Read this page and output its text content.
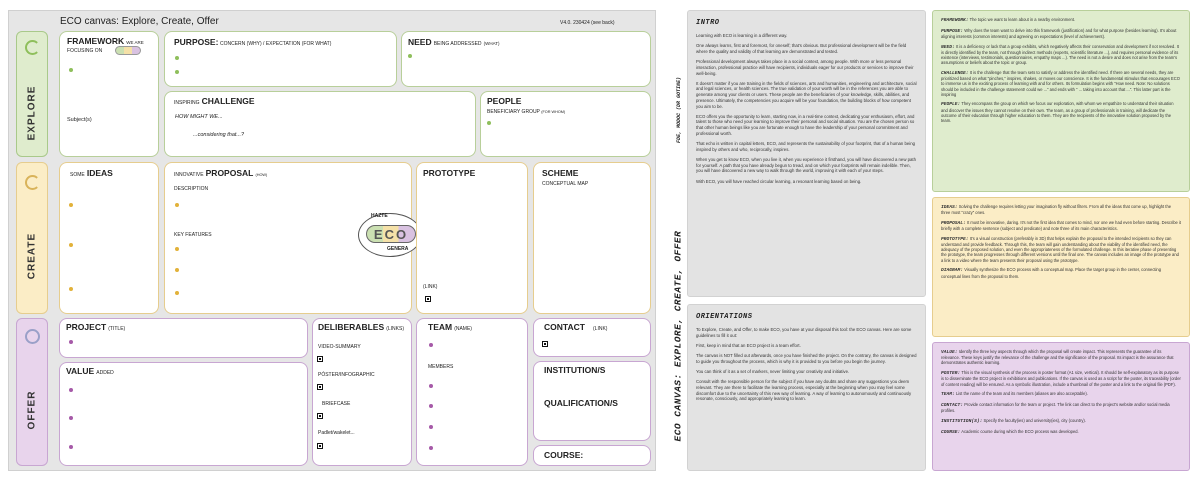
ECO canvas: Explore, Create, Offer	V4.0. 230424 (see back)
EXPLORE
CREATE
OFFER
FRAMEWORK WE ARE
FOCUSING ON
Subject(s)
PURPOSE: CONCERN (WHY) / EXPECTATION (FOR WHAT)	NEED BEING ADDRESSED (WHAT)
INSPIRING CHALLENGE
HOW MIGHT WE...
...considering that...?
PEOPLE
BENEFICIARY GROUP (FOR WHOM)
SOME IDEAS	INNOVATIVE PROPOSAL (HOW)
DESCRIPTION
KEY FEATURES
HAZTE
ECO
GENERA
PROTOTYPE
(LINK)
SCHEME
CONCEPTUAL MAP
PROJECT (TITLE)
VALUE ADDED
DELIBERABLES (LINKS)
VIDEO-SUMMARY
PÓSTER/INFOGRAPHIC
BRIEFCASE
Padlet/wakelet...
TEAM (NAME)
MEMBERS
CONTACT (LINK)
INSTITUTION/S
QUALIFICATION/S
COURSE:
ECO CANVAS: EXPLORE, CREATE, OFFER
FDE, MODOC (DR GOTINE)
INTRO

Learning with ECO is learning in a different way.

One always learns, first and foremost, for oneself; that's obvious. But professional development will be the field where the quality and validity of that learning are demonstrated and tested.

Professional development always takes place in a social context, among people. With more or less personal interaction, professional practice will have recipients, individuals eager for our products or services to improve their well-being.

It doesn't matter if you are training in the fields of sciences, arts and humanities, engineering and architecture, social and legal sciences, or health sciences. The true validation of your worth will be in the references you are able to generate among your clients or users. These people are the beneficiaries of your knowledge, skills, abilities, and presence. Ultimately, the competencies you acquire will be your foundation, the building blocks of how competent you aim to be.

ECO offers you the opportunity to learn, starting now, in a real-time context, dedicating your enthusiasm, effort, and talent to those who need your learning to improve their personal and social situation. You are the chosen person so that other human beings like you are fortunate enough to have the leadership of your personal commitment and professional worth.

That echo is written in capital letters, ECO, and represents the sustainability of your footprint, that of a human being inspired by others and who, reciprocally, inspires.

When you get to know ECO, when you live it, when you experience it firsthand, you will have discovered a new path for yourself. A path that you have already begun to tread, and on which your footprints will remain indelible. Then, you will have discovered a new way to walk through the world, improving it with each of your steps.

With ECO, you will have reached circular learning, a resonant learning based on being.

ORIENTATIONS

To Explore, Create, and Offer, to make ECO, you have at your disposal this tool: the ECO canvas. Here are some guidelines to fill it out:

First, keep in mind that an ECO project is a team effort.

The canvas is NOT filled out afterwards, once you have finished the project. On the contrary, the canvas is designed to guide you throughout the process, which is why it is provided to you before you begin the journey.

You can think of it as a set of markers, never limiting your creativity and initiative.

Consult with the responsible person for the subject if you have any doubts and share any suggestions you deem relevant. They are there to facilitate the learning process, especially at the beginning when you may feel some discomfort due to the uncertainty of this new way of learning. A way of learning to autonomously and continuously resonate, consciously, and appropriately learning to learn.

FRAMEWORK: The topic we want to learn about in a nearby environment.

PURPOSE: Why does the team want to delve into this framework (justification) and for what purpose (besides learning). It's about aligning interests (common interests) and agreeing on expectations (level of achievement).

NEED: It is a deficiency or lack that a group exhibits, which negatively affects their conservation and development if not resolved. It is directly identified by the team, not through indirect methods (experts, scientific literature ...), and requires personal evidence of its existence (interviews, testimonials, questionnaires, empathy maps ...). The need is not a desire and does not arise from the team's assumptions or beliefs about the topic or group.

CHALLENGE: It is the challenge that the team sets to satisfy or address the identified need. If there are several needs, they are prioritized based on what "pinches," inspires, shakes, or moves our conscience. It is the fundamental stimulus that encourages ECO to immerse us in the exciting process of learning with and for others. Its formulation begins with "How need. Note: No solutions should be included in the challenge statement! could we ..." and ends with " ... taking into account that ...". This latter part is the inspiring

PEOPLE: They encompass the group on which we focus our exploration, with whom we empathize to understand their situation and discover the issues they cannot resolve on their own. The team, as a group of professionals in training, will dedicate the outcome of their education through higher education to them. They are the recipients of the innovative solution proposed by the team.

IDEAS: Solving the challenge requires letting your imagination fly without filters. From all the ideas that come up, highlight the three most "crazy" ones.

PROPOSAL: It must be innovative, daring. It's not the first idea that comes to mind, nor one we had even before starting. Describe it briefly with a complete sentence (subject and predicate) and note three of its main characteristics.

PROTOTYPE: It's a visual construction (preferably in 3D) that helps explain the proposal to the intended recipients so they can understand and provide feedback. Through this, the team will gain understanding about the viability of the identified need, the adequacy of the proposed solution, and even the appropriateness of the formulated challenge. In this iterative phase of presenting the prototype, the team progresses through different versions until the final one. The canvas includes an image of the prototype and a link to a video where the team presents their proposal using the prototype.

DIAGRAM: Visually synthesize the ECO process with a conceptual map. Place the target group in the center, connecting conceptual lines from the proposal to them.

VALUE: Identify the three key aspects through which the proposal will create impact. This represents the guarantee of its relevance. These keys justify the relevance of the challenge and the significance of the proposal. Its impact is the assurance that demonstrates authentic learning.

POSTER: This is the visual synthesis of the process in poster format (A1 size, vertical). It should be self-explanatory as its purpose is to disseminate the ECO project in exhibitions and publications. If the canvas is used as a script for the poster, its traceability (order of content reading) will be ensured. As a symbolic illustration, include a thumbnail of the poster and a link to the original file (PDF).

TEAM: List the name of the team and its members (aliases are also acceptable).

CONTACT: Provide contact information for the team or project. The link can direct to the project's website and/or social media profiles.

INSTITUTION(S): Specify the faculty(ies) and university(ies), city (country).

COURSE: Academic course during which the ECO process was developed.
